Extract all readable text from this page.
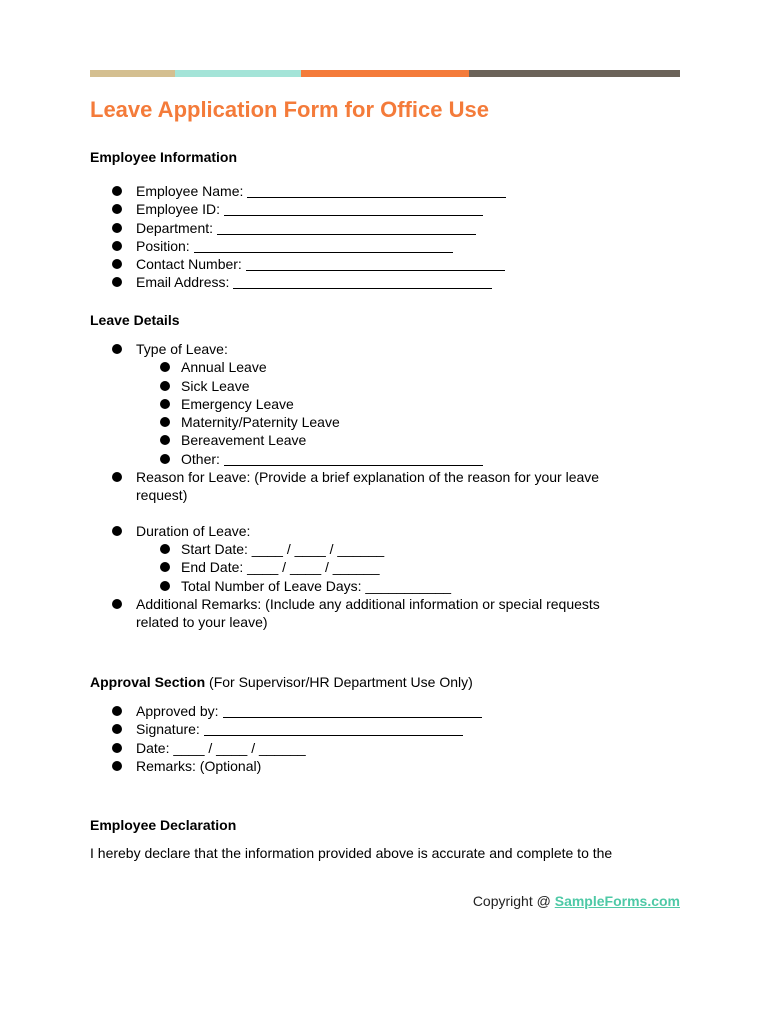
Leave Application Form for Office Use
Employee Information
Employee Name:
Employee ID:
Department:
Position:
Contact Number:
Email Address:
Leave Details
Type of Leave:
Annual Leave
Sick Leave
Emergency Leave
Maternity/Paternity Leave
Bereavement Leave
Other:
Reason for Leave: (Provide a brief explanation of the reason for your leave
request)
Duration of Leave:
Start Date: ____ / ____ / ______
End Date: ____ / ____ / ______
Total Number of Leave Days: ___________
Additional Remarks: (Include any additional information or special requests
related to your leave)
Approval Section (For Supervisor/HR Department Use Only)
Approved by:
Signature:
Date: ____ / ____ / ______
Remarks: (Optional)
Employee Declaration

I hereby declare that the information provided above is accurate and complete to the

Copyright @ SampleForms.com
